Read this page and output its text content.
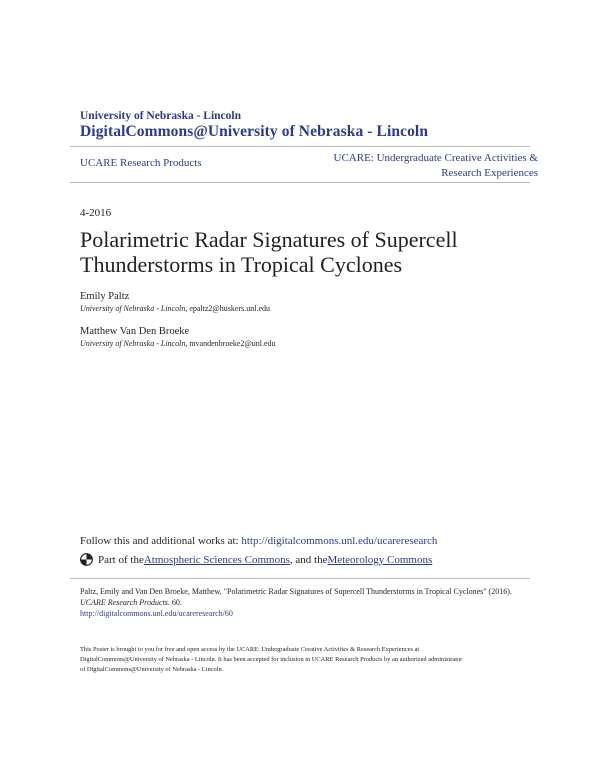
University of Nebraska - Lincoln
DigitalCommons@University of Nebraska - Lincoln
UCARE Research Products	UCARE: Undergraduate Creative Activities &
Research Experiences
4-2016
Polarimetric Radar Signatures of Supercell
Thunderstorms in Tropical Cyclones
Emily Paltz
University of Nebraska - Lincoln, epaltz2@huskers.unl.edu
Matthew Van Den Broeke
University of Nebraska - Lincoln, mvandenbroeke2@unl.edu
Follow this and additional works at: http://digitalcommons.unl.edu/ucareresearch
Part of the Atmospheric Sciences Commons , and the Meteorology Commons
Paltz, Emily and Van Den Broeke, Matthew, "Polarimetric Radar Signatures of Supercell Thunderstorms in Tropical Cyclones" (2016).
UCARE Research Products. 60.
http://digitalcommons.unl.edu/ucareresearch/60
This Poster is brought to you for free and open access by the UCARE: Undergraduate Creative Activities & Research Experiences at
DigitalCommons@University of Nebraska - Lincoln. It has been accepted for inclusion in UCARE Research Products by an authorized administrator
of DigitalCommons@University of Nebraska - Lincoln.
